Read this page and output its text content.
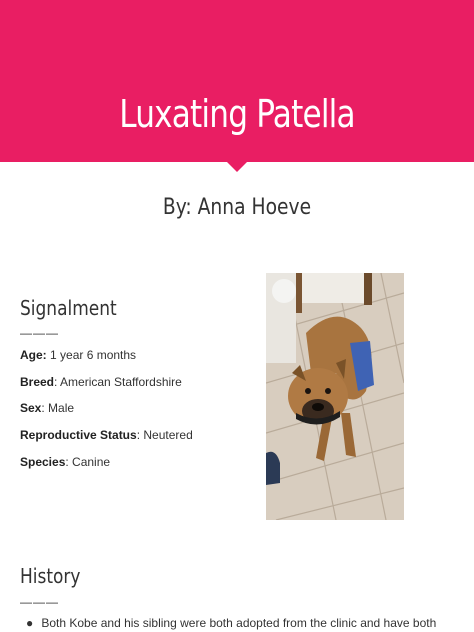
Luxating Patella
By: Anna Hoeve
Signalment
———
Age: 1 year 6 months
Breed: American Staffordshire
Sex: Male
Reproductive Status: Neutered
Species: Canine
History
———
● Both Kobe and his sibling were both adopted from the clinic and have both
